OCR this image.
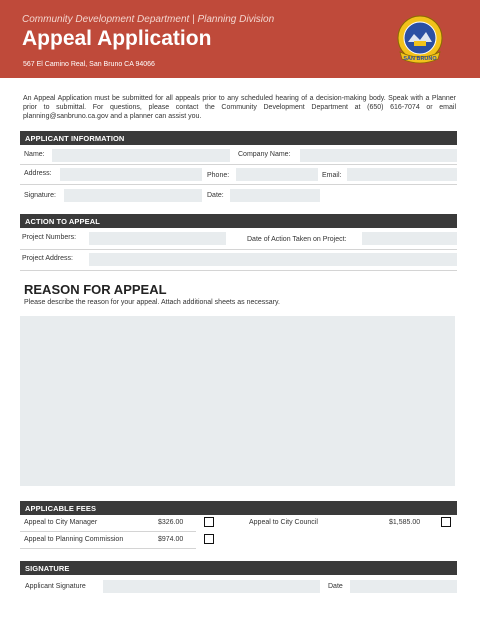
Community Development Department | Planning Division
Appeal Application
567 El Camino Real, San Bruno CA 94066
SAN BRUNO
An Appeal Application must be submitted for all appeals prior to any scheduled hearing of a decision-making body. Speak with a Planner prior to submittal. For questions, please contact the Community Development Department at (650) 616-7074 or email planning@sanbruno.ca.gov and a planner can assist you.
APPLICANT INFORMATION
Name:	Company Name:
Address:	Phone:	Email:
Signature:	Date:
ACTION TO APPEAL
Project Numbers:	Date of Action Taken on Project:
Project Address:
REASON FOR APPEAL
Please describe the reason for your appeal. Attach additional sheets as necessary.
APPLICABLE FEES
Appeal to City Manager	$326.00	Appeal to City Council	$1,585.00
Appeal to Planning Commission	$974.00
SIGNATURE
Applicant Signature	Date
